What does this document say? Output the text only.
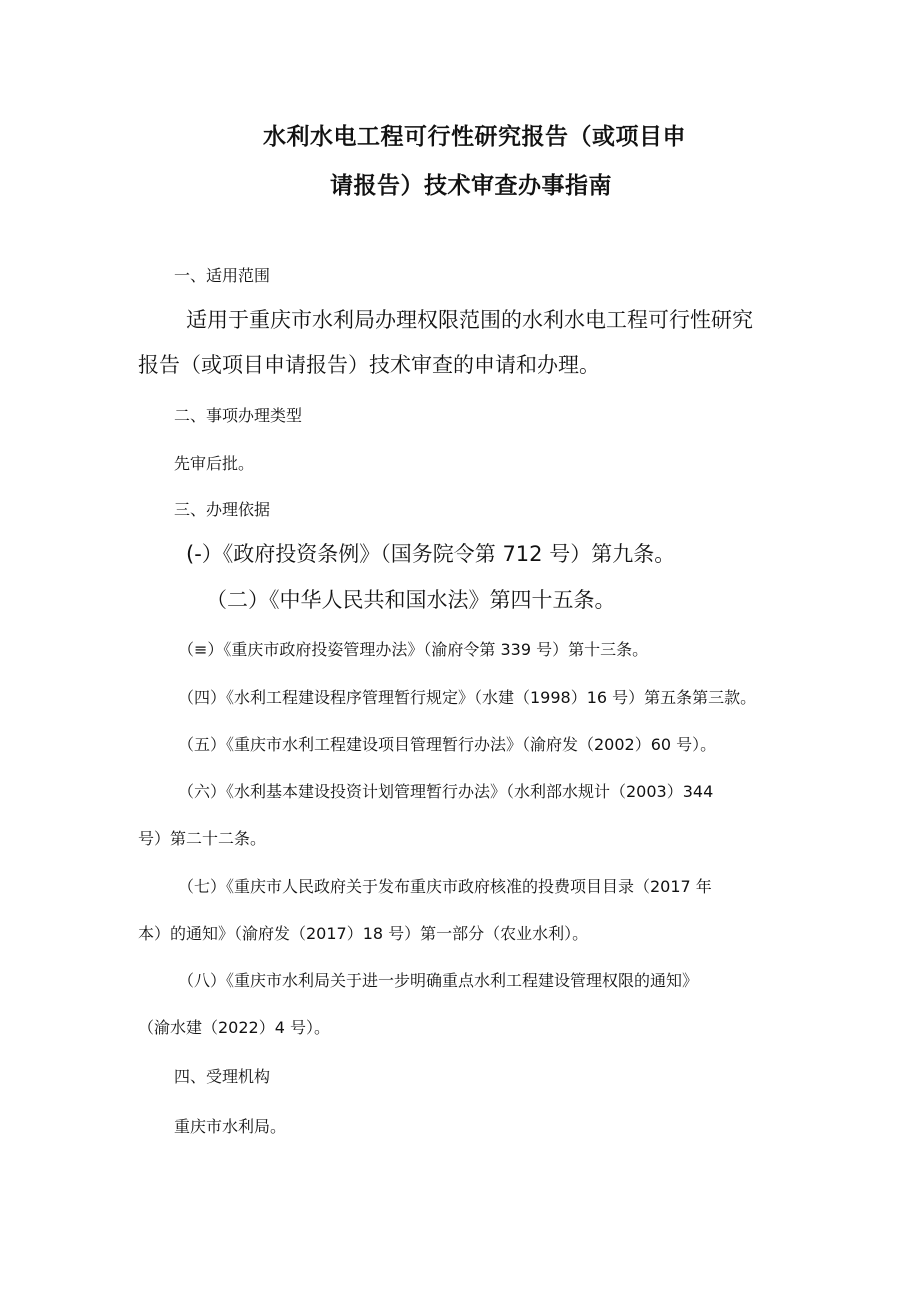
水利水电工程可行性研究报告（或项目申

请报告）技术审查办事指南

一、适用范围

适用于重庆市水利局办理权限范围的水利水电工程可行性研究

报告（或项目申请报告）技术审查的申请和办理。

二、事项办理类型

先审后批。

三、办理依据

(-）《政府投资条例》（国务院令第 712 号）第九条。

（二）《中华人民共和国水法》第四十五条。

（≡）《重庆市政府投姿管理办法》（渝府令第 339 号）第十三条。

（四）《水利工程建设程序管理暂行规定》（水建（1998）16 号）第五条第三款。

（五）《重庆市水利工程建设项目管理暂行办法》（渝府发（2002）60 号）。

（六）《水利基本建设投资计划管理暂行办法》（水利部水规计（2003）344

号）第二十二条。

（七）《重庆市人民政府关于发布重庆市政府核准的投费项目目录（2017 年

本）的通知》（渝府发（2017）18 号）第一部分（农业水利）。

（八）《重庆市水利局关于进一步明确重点水利工程建设管理权限的通知》

（渝水建（2022）4 号）。

四、受理机构

重庆市水利局。
